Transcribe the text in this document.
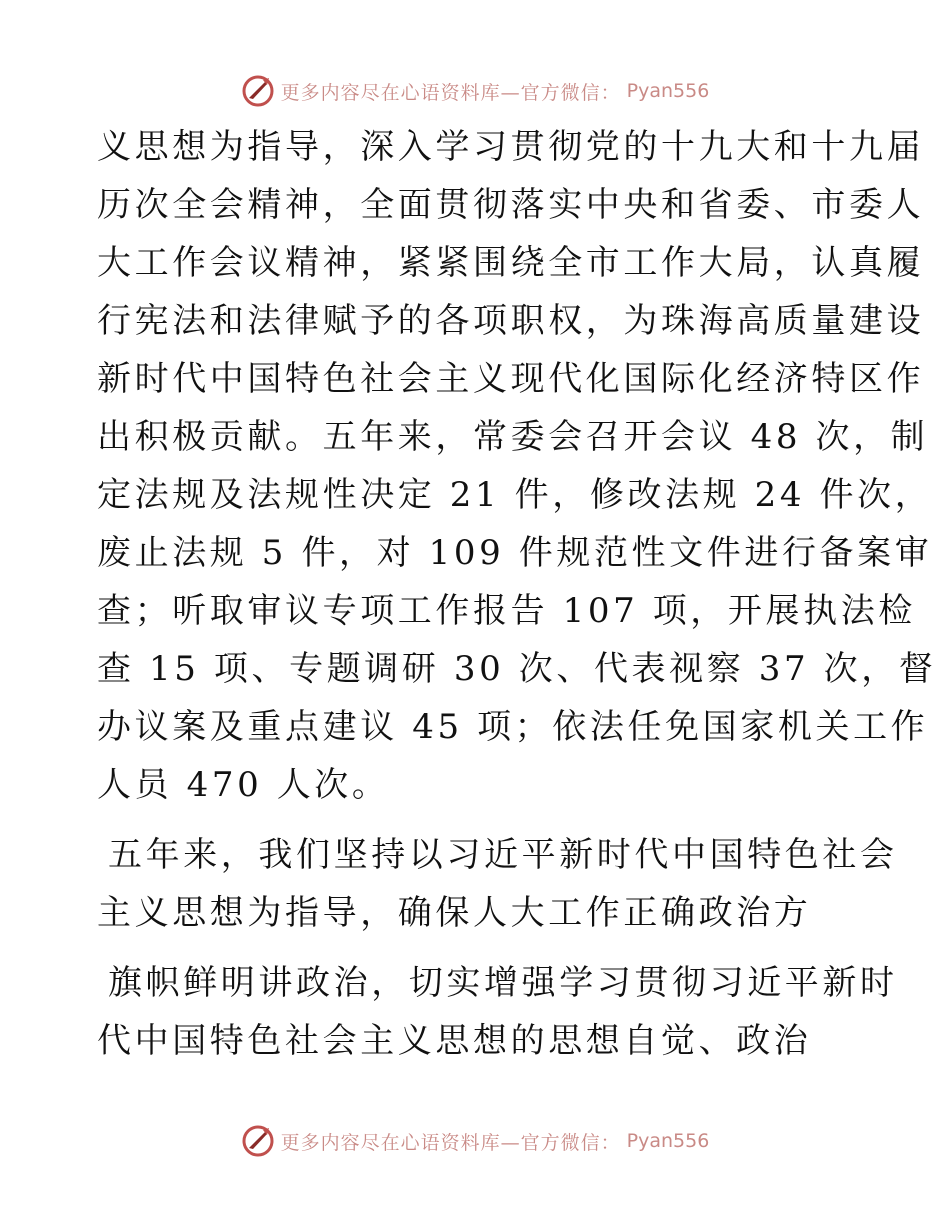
更多内容尽在心语资料库—官方微信： Pyan556

义思想为指导，深入学习贯彻党的十九大和十九届
历次全会精神，全面贯彻落实中央和省委、市委人
大工作会议精神，紧紧围绕全市工作大局，认真履
行宪法和法律赋予的各项职权，为珠海高质量建设
新时代中国特色社会主义现代化国际化经济特区作
出积极贡献。五年来，常委会召开会议 48 次，制
定法规及法规性决定 21 件，修改法规 24 件次，
废止法规 5 件，对 109 件规范性文件进行备案审
查；听取审议专项工作报告 107 项，开展执法检
查 15 项、专题调研 30 次、代表视察 37 次，督
办议案及重点建议 45 项；依法任免国家机关工作
人员 470 人次。

五年来，我们坚持以习近平新时代中国特色社会
主义思想为指导，确保人大工作正确政治方

旗帜鲜明讲政治，切实增强学习贯彻习近平新时
代中国特色社会主义思想的思想自觉、政治

更多内容尽在心语资料库—官方微信： Pyan556
